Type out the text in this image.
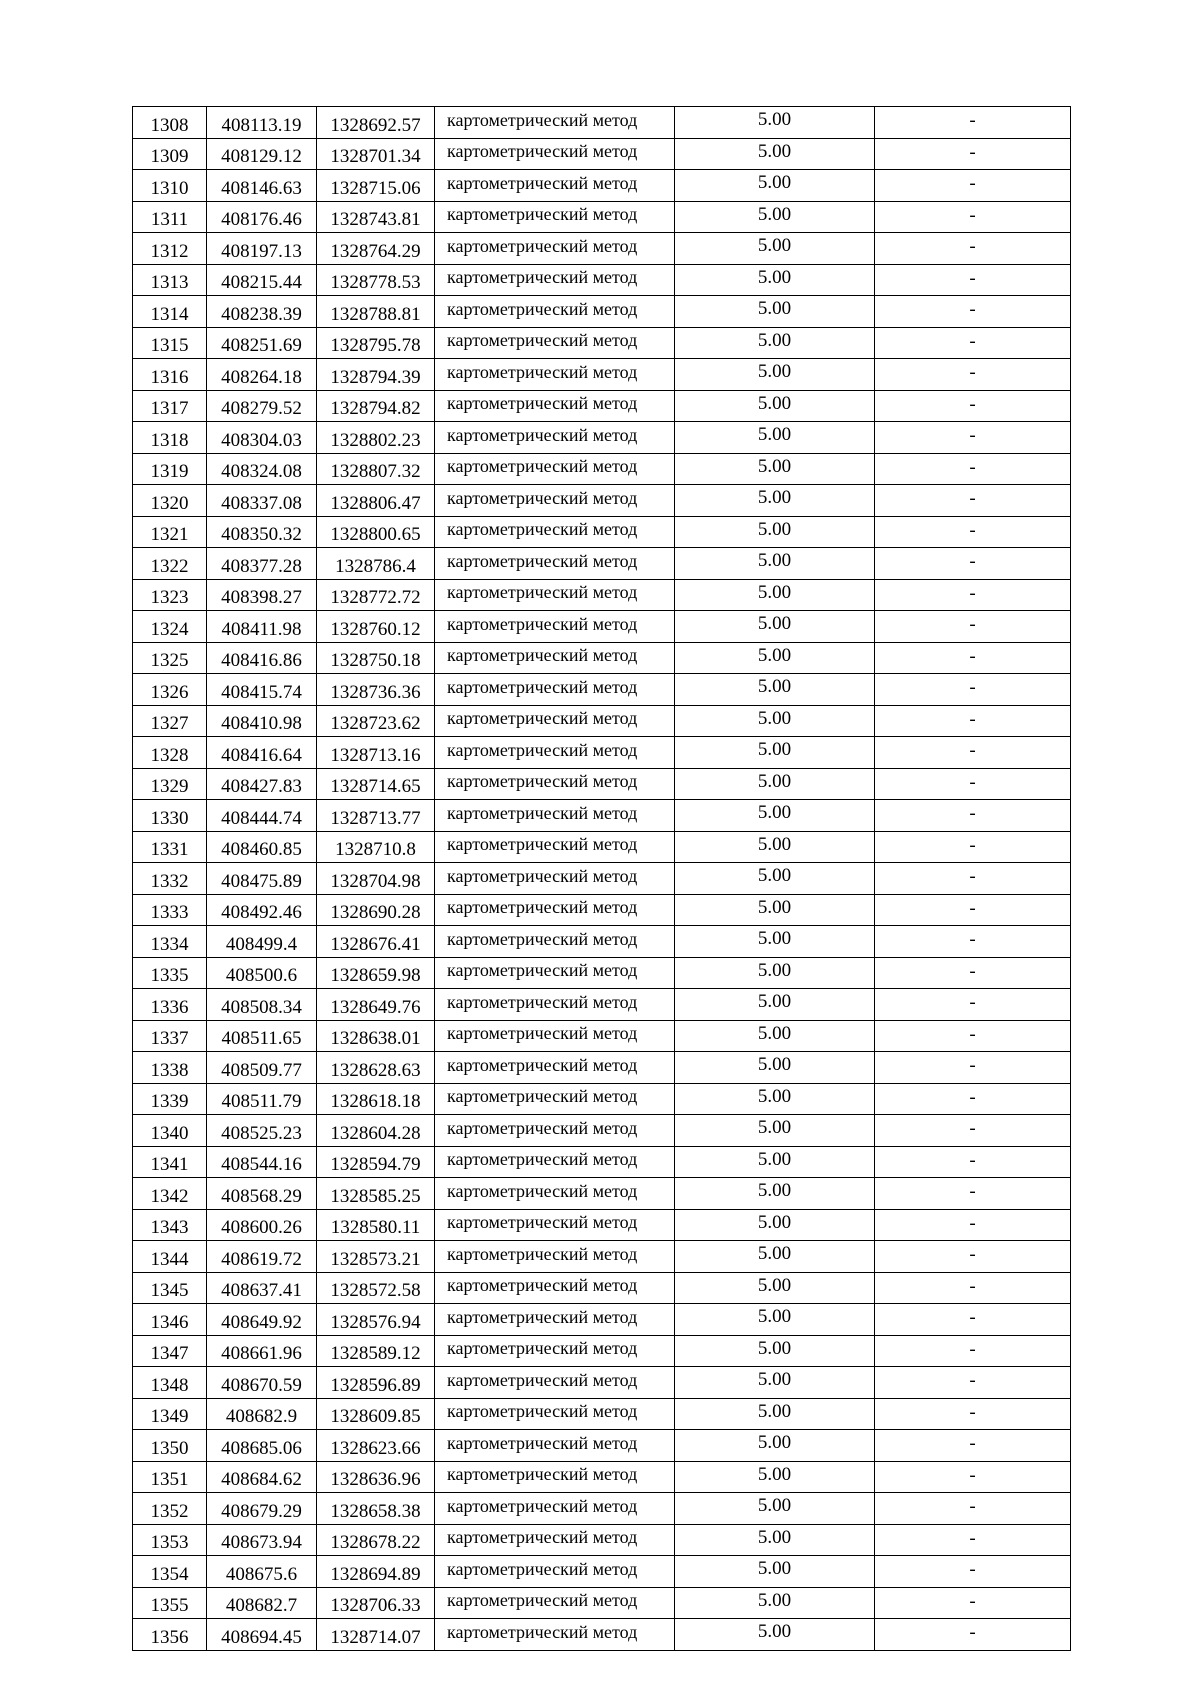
1308	408113.19	1328692.57	картометрический метод	5.00	-
1309	408129.12	1328701.34	картометрический метод	5.00	-
1310	408146.63	1328715.06	картометрический метод	5.00	-
1311	408176.46	1328743.81	картометрический метод	5.00	-
1312	408197.13	1328764.29	картометрический метод	5.00	-
1313	408215.44	1328778.53	картометрический метод	5.00	-
1314	408238.39	1328788.81	картометрический метод	5.00	-
1315	408251.69	1328795.78	картометрический метод	5.00	-
1316	408264.18	1328794.39	картометрический метод	5.00	-
1317	408279.52	1328794.82	картометрический метод	5.00	-
1318	408304.03	1328802.23	картометрический метод	5.00	-
1319	408324.08	1328807.32	картометрический метод	5.00	-
1320	408337.08	1328806.47	картометрический метод	5.00	-
1321	408350.32	1328800.65	картометрический метод	5.00	-
1322	408377.28	1328786.4	картометрический метод	5.00	-
1323	408398.27	1328772.72	картометрический метод	5.00	-
1324	408411.98	1328760.12	картометрический метод	5.00	-
1325	408416.86	1328750.18	картометрический метод	5.00	-
1326	408415.74	1328736.36	картометрический метод	5.00	-
1327	408410.98	1328723.62	картометрический метод	5.00	-
1328	408416.64	1328713.16	картометрический метод	5.00	-
1329	408427.83	1328714.65	картометрический метод	5.00	-
1330	408444.74	1328713.77	картометрический метод	5.00	-
1331	408460.85	1328710.8	картометрический метод	5.00	-
1332	408475.89	1328704.98	картометрический метод	5.00	-
1333	408492.46	1328690.28	картометрический метод	5.00	-
1334	408499.4	1328676.41	картометрический метод	5.00	-
1335	408500.6	1328659.98	картометрический метод	5.00	-
1336	408508.34	1328649.76	картометрический метод	5.00	-
1337	408511.65	1328638.01	картометрический метод	5.00	-
1338	408509.77	1328628.63	картометрический метод	5.00	-
1339	408511.79	1328618.18	картометрический метод	5.00	-
1340	408525.23	1328604.28	картометрический метод	5.00	-
1341	408544.16	1328594.79	картометрический метод	5.00	-
1342	408568.29	1328585.25	картометрический метод	5.00	-
1343	408600.26	1328580.11	картометрический метод	5.00	-
1344	408619.72	1328573.21	картометрический метод	5.00	-
1345	408637.41	1328572.58	картометрический метод	5.00	-
1346	408649.92	1328576.94	картометрический метод	5.00	-
1347	408661.96	1328589.12	картометрический метод	5.00	-
1348	408670.59	1328596.89	картометрический метод	5.00	-
1349	408682.9	1328609.85	картометрический метод	5.00	-
1350	408685.06	1328623.66	картометрический метод	5.00	-
1351	408684.62	1328636.96	картометрический метод	5.00	-
1352	408679.29	1328658.38	картометрический метод	5.00	-
1353	408673.94	1328678.22	картометрический метод	5.00	-
1354	408675.6	1328694.89	картометрический метод	5.00	-
1355	408682.7	1328706.33	картометрический метод	5.00	-
1356	408694.45	1328714.07	картометрический метод	5.00	-
